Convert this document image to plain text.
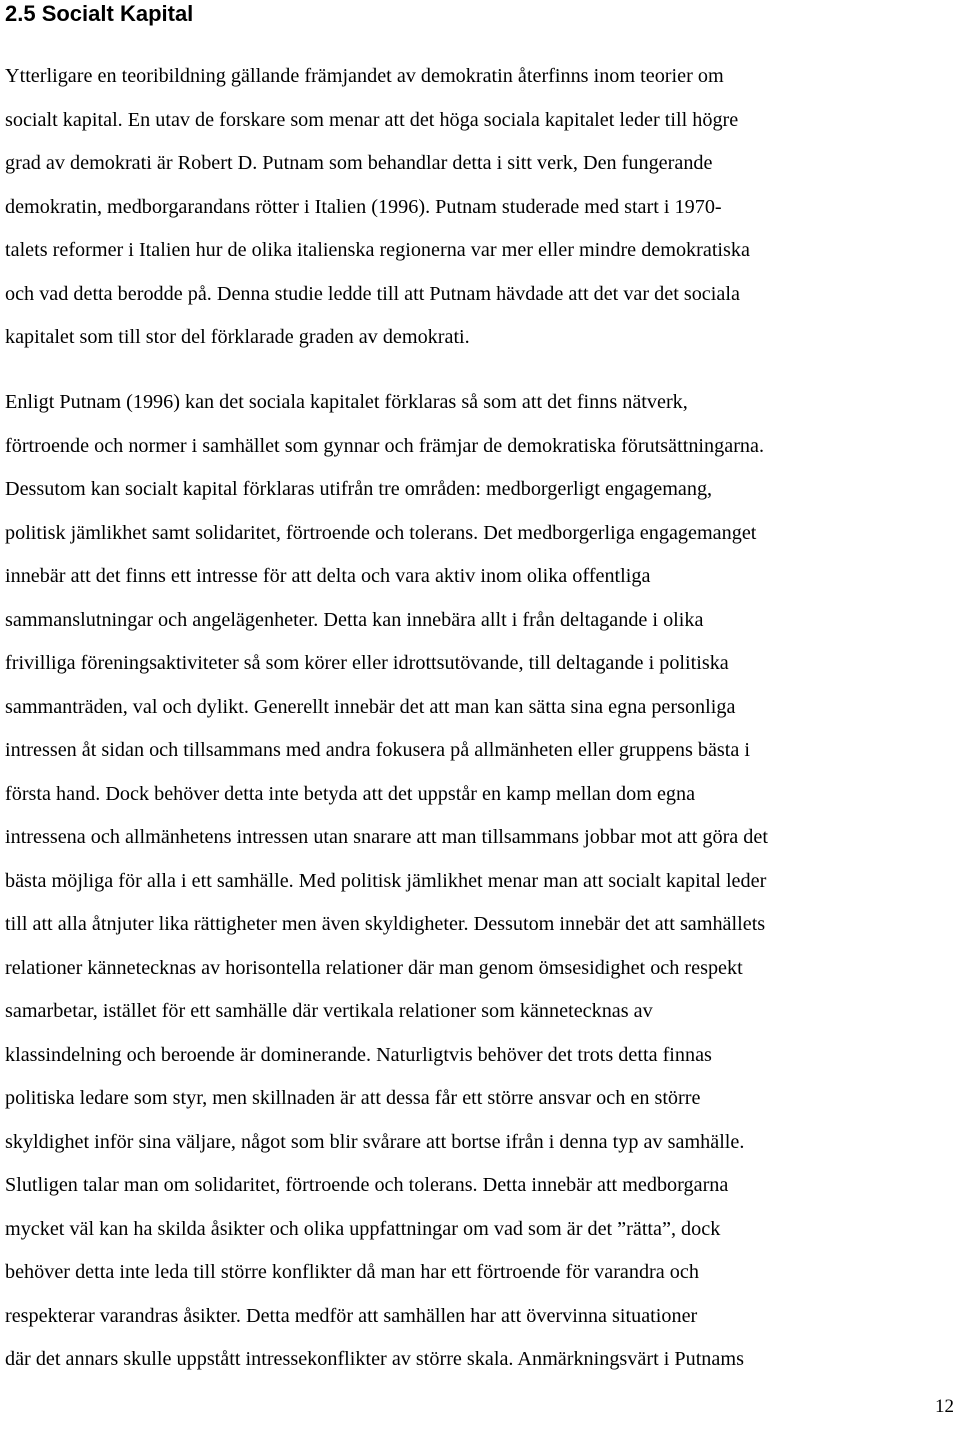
2.5 Socialt Kapital
Ytterligare en teoribildning gällande främjandet av demokratin återfinns inom teorier om
socialt kapital. En utav de forskare som menar att det höga sociala kapitalet leder till högre
grad av demokrati är Robert D. Putnam som behandlar detta i sitt verk, Den fungerande
demokratin, medborgarandans rötter i Italien (1996). Putnam studerade med start i 1970-
talets reformer i Italien hur de olika italienska regionerna var mer eller mindre demokratiska
och vad detta berodde på. Denna studie ledde till att Putnam hävdade att det var det sociala
kapitalet som till stor del förklarade graden av demokrati.
Enligt Putnam (1996) kan det sociala kapitalet förklaras så som att det finns nätverk,
förtroende och normer i samhället som gynnar och främjar de demokratiska förutsättningarna.
Dessutom kan socialt kapital förklaras utifrån tre områden: medborgerligt engagemang,
politisk jämlikhet samt solidaritet, förtroende och tolerans. Det medborgerliga engagemanget
innebär att det finns ett intresse för att delta och vara aktiv inom olika offentliga
sammanslutningar och angelägenheter. Detta kan innebära allt i från deltagande i olika
frivilliga föreningsaktiviteter så som körer eller idrottsutövande, till deltagande i politiska
sammanträden, val och dylikt. Generellt innebär det att man kan sätta sina egna personliga
intressen åt sidan och tillsammans med andra fokusera på allmänheten eller gruppens bästa i
första hand. Dock behöver detta inte betyda att det uppstår en kamp mellan dom egna
intressena och allmänhetens intressen utan snarare att man tillsammans jobbar mot att göra det
bästa möjliga för alla i ett samhälle. Med politisk jämlikhet menar man att socialt kapital leder
till att alla åtnjuter lika rättigheter men även skyldigheter. Dessutom innebär det att samhällets
relationer kännetecknas av horisontella relationer där man genom ömsesidighet och respekt
samarbetar, istället för ett samhälle där vertikala relationer som kännetecknas av
klassindelning och beroende är dominerande. Naturligtvis behöver det trots detta finnas
politiska ledare som styr, men skillnaden är att dessa får ett större ansvar och en större
skyldighet inför sina väljare, något som blir svårare att bortse ifrån i denna typ av samhälle.
Slutligen talar man om solidaritet, förtroende och tolerans. Detta innebär att medborgarna
mycket väl kan ha skilda åsikter och olika uppfattningar om vad som är det ”rätta”, dock
behöver detta inte leda till större konflikter då man har ett förtroende för varandra och
respekterar varandras åsikter. Detta medför att samhällen har att övervinna situationer
där det annars skulle uppstått intressekonflikter av större skala. Anmärkningsvärt i Putnams
12
